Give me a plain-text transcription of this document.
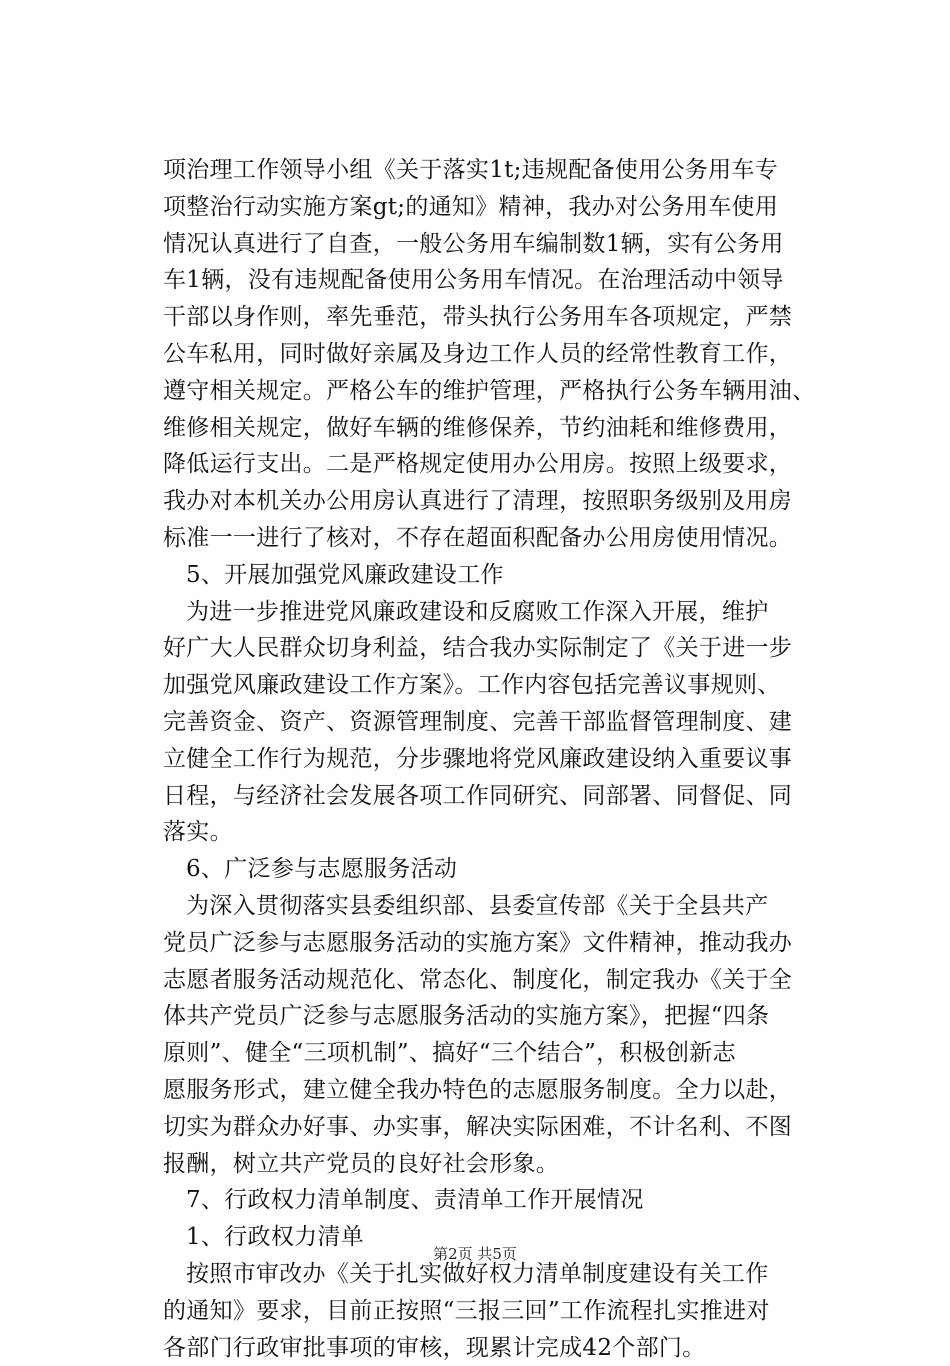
项治理工作领导小组《关于落实1t;违规配备使用公务用车专
项整治行动实施方案gt;的通知》精神，我办对公务用车使用
情况认真进行了自查，一般公务用车编制数1辆，实有公务用
车1辆，没有违规配备使用公务用车情况。在治理活动中领导
干部以身作则，率先垂范，带头执行公务用车各项规定，严禁
公车私用，同时做好亲属及身边工作人员的经常性教育工作，
遵守相关规定。严格公车的维护管理，严格执行公务车辆用油、
维修相关规定，做好车辆的维修保养，节约油耗和维修费用，
降低运行支出。二是严格规定使用办公用房。按照上级要求，
我办对本机关办公用房认真进行了清理，按照职务级别及用房
标准一一进行了核对，不存在超面积配备办公用房使用情况。
5、开展加强党风廉政建设工作
为进一步推进党风廉政建设和反腐败工作深入开展，维护
好广大人民群众切身利益，结合我办实际制定了《关于进一步
加强党风廉政建设工作方案》。工作内容包括完善议事规则、
完善资金、资产、资源管理制度、完善干部监督管理制度、建
立健全工作行为规范，分步骤地将党风廉政建设纳入重要议事
日程，与经济社会发展各项工作同研究、同部署、同督促、同
落实。
6、广泛参与志愿服务活动
为深入贯彻落实县委组织部、县委宣传部《关于全县共产
党员广泛参与志愿服务活动的实施方案》文件精神，推动我办
志愿者服务活动规范化、常态化、制度化，制定我办《关于全
体共产党员广泛参与志愿服务活动的实施方案》，把握“四条
原则”、健全“三项机制”、搞好“三个结合”，积极创新志
愿服务形式，建立健全我办特色的志愿服务制度。全力以赴，
切实为群众办好事、办实事，解决实际困难，不计名利、不图
报酬，树立共产党员的良好社会形象。
7、行政权力清单制度、责清单工作开展情况
1、行政权力清单
按照市审改办《关于扎实做好权力清单制度建设有关工作
的通知》要求，目前正按照“三报三回”工作流程扎实推进对
各部门行政审批事项的审核，现累计完成42个部门。
第2页 共5页
